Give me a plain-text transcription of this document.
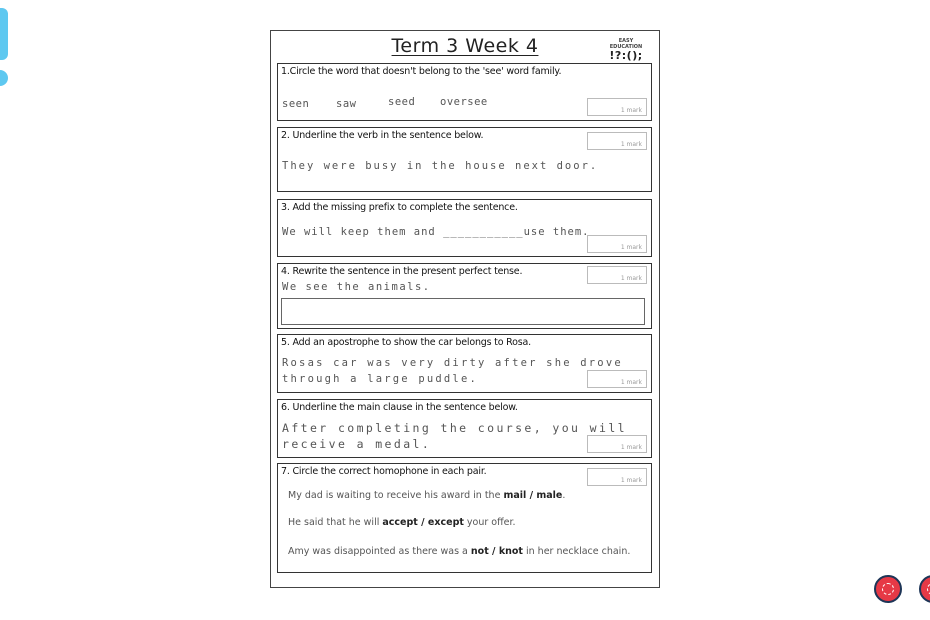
Term 3 Week 4	EASY EDUCATION
!?:();
1.Circle the word that doesn't belong to the 'see' word family.
seen	saw	seed oversee
1 mark
2. Underline the verb in the sentence below.
1 mark
They were busy in the house next door.
3. Add the missing prefix to complete the sentence.
We will keep them and ___________use them.
1 mark
4. Rewrite the sentence in the present perfect tense.
1 mark
We see the animals.
5. Add an apostrophe to show the car belongs to Rosa.
Rosas car was very dirty after she drove
through a large puddle.	1 mark
6. Underline the main clause in the sentence below.
After completing the course, you will
receive a medal.	1 mark
7. Circle the correct homophone in each pair.
1 mark
My dad is waiting to receive his award in the mail / male.
He said that he will accept / except your offer.
Amy was disappointed as there was a not / knot in her necklace chain.
